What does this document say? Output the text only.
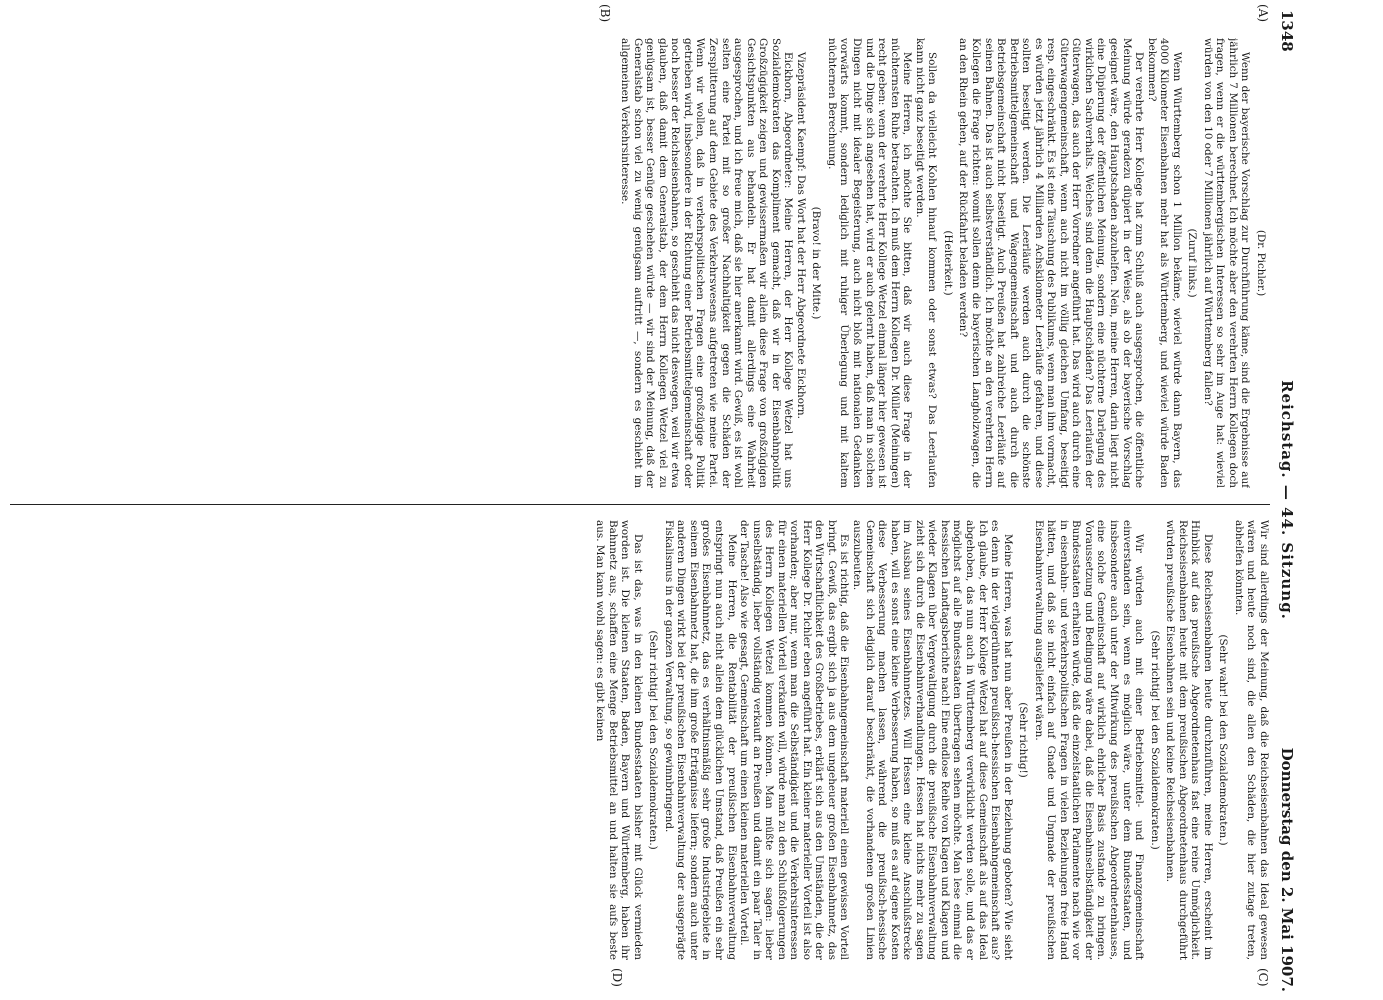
1348
Reichstag. — 44. Sitzung.
Donnerstag den 2. Mai 1907.
(A)
(B)
(C)
(D)
(Dr. Pichler.)

Wenn der bayerische Vorschlag zur Durchführung käme, sind die Ergebnisse auf jährlich 7 Millionen berechnet. Ich möchte aber den verehrten Herrn Kollegen doch fragen, wenn er die württembergischen Interessen so sehr im Auge hat: wieviel würden von den 10 oder 7 Millionen jährlich auf Württemberg fallen?

(Zuruf links.)

Wenn Württemberg schon 1 Million bekäme, wieviel würde dann Bayern, das 4000 Kilometer Eisenbahnen mehr hat als Württemberg, und wieviel würde Baden bekommen?

Der verehrte Herr Kollege hat zum Schluß auch ausgesprochen, die öffentliche Meinung würde geradezu düpiert in der Weise, als ob der bayerische Vorschlag geeignet wäre, den Hauptschaden abzuhelfen. Nein, meine Herren, darin liegt nicht eine Düpierung der öffentlichen Meinung, sondern eine nüchterne Darlegung des wirklichen Sachverhalts. Welches sind denn die Hauptschäden? Das Leerlaufen der Güterwagen, das auch der Herr Vorredner angeführt hat. Das wird auch durch eine Güterwagengemeinschaft, wenn auch nicht im völlig gleichen Umfang, beseitigt resp. eingeschränkt. Es ist eine Täuschung des Publikums, wenn man ihm vormacht, es würden jetzt jährlich 4 Milliarden Achskilometer Leerläufe gefahren, und diese sollten beseitigt werden. Die Leerläufe werden auch durch die schönste Betriebsmittelgemeinschaft und Wagengemeinschaft und auch durch die Betriebsgemeinschaft nicht beseitigt. Auch Preußen hat zahlreiche Leerläufe auf seinen Bahnen. Das ist auch selbstverständlich. Ich möchte an den verehrten Herrn Kollegen die Frage richten: womit sollen denn die bayerischen Langholzwagen, die an den Rhein gehen, auf der Rückfahrt beladen werden?

(Heiterkeit.)

Sollen da vielleicht Kohlen hinauf kommen oder sonst etwas? Das Leerlaufen kann nicht ganz beseitigt werden.

Meine Herren, ich möchte Sie bitten, daß wir auch diese Frage in der nüchternsten Ruhe betrachten. Ich muß dem Herrn Kollegen Dr. Müller (Meiningen) recht geben: wenn der verehrte Herr Kollege Wetzel einmal länger hier gewesen ist und die Dinge sich angesehen hat, wird er auch gelernt haben, daß man in solchen Dingen nicht mit idealer Begeisterung, auch nicht bloß mit nationalen Gedanken vorwärts kommt, sondern lediglich mit ruhiger Überlegung und mit kaltem nüchternen Berechnung.

(Bravo! in der Mitte.)

Vizepräsident Kaempf: Das Wort hat der Herr Abgeordnete Eickhorn.

Eickhorn, Abgeordneter: Meine Herren, der Herr Kollege Wetzel hat uns Sozialdemokraten das Kompliment gemacht, daß wir in der Eisenbahnpolitik Großzügigkeit zeigen und gewissermaßen wir allein diese Frage von großzügigen Gesichtspunkten aus behandeln. Er hat damit allerdings eine Wahrheit ausgesprochen, und ich freue mich, daß sie hier anerkannt wird. Gewiß, es ist wohl selten eine Partei mit so großer Nachhaltigkeit gegen die Schäden der Zersplitterung auf dem Gebiete des Verkehrswesens aufgetreten wie meine Partei. Wenn wir wollen, daß in verkehrspolitischen Fragen eine großzügige Politik getrieben wird, insbesondere in der Richtung einer Betriebsmittelgemeinschaft oder noch besser der Reichseisenbahnen, so geschieht das nicht deswegen, weil wir etwa glauben, daß damit dem Generalstab, der dem Herrn Kollegen Wetzel viel zu genügsam ist, besser Genüge geschehen würde — wir sind der Meinung, daß der Generalstab schon viel zu wenig genügsam auftritt —, sondern es geschieht im allgemeinen Verkehrsinteresse.

Wir sind allerdings der Meinung, daß die Reichseisenbahnen das Ideal gewesen wären und heute noch sind, die allen den Schäden, die hier zutage treten, abhelfen könnten.

(Sehr wahr! bei den Sozialdemokraten.)

Diese Reichseisenbahnen heute durchzuführen, meine Herren, erscheint im Hinblick auf das preußische Abgeordnetenhaus fast eine reine Unmöglichkeit. Reichseisenbahnen heute mit dem preußischen Abgeordnetenhaus durchgeführt würden preußische Eisenbahnen sein und keine Reichseisenbahnen.

(Sehr richtig! bei den Sozialdemokraten.)

Wir würden auch mit einer Betriebsmittel- und Finanzgemeinschaft einverstanden sein, wenn es möglich wäre, unter dem Bundesstaaten, und insbesondere auch unter der Mitwirkung des preußischen Abgeordnetenhauses, eine solche Gemeinschaft auf wirklich ehrlicher Basis zustande zu bringen. Voraussetzung und Bedingung wäre dabei, daß die Eisenbahnselbständigkeit der Bundesstaaten erhalten würde, daß die einzelstaatlichen Parlamente nach wie vor in eisenbahn- und verkehrspolitischen Fragen in vielen Beziehungen freie Hand hätten, und daß sie nicht einfach auf Gnade und Ungnade der preußischen Eisenbahnverwaltung ausgeliefert wären.

(Sehr richtig!)

Meine Herren, was hat nun aber Preußen in der Beziehung geboten? Wie sieht es denn in der vielgerühmten preußisch-hessischen Eisenbahngemeinschaft aus? Ich glaube, der Herr Kollege Wetzel hat auf diese Gemeinschaft als auf das Ideal abgehoben, das nun auch in Württemberg verwirklicht werden solle, und das er möglichst auf alle Bundesstaaten übertragen sehen möchte. Man lese einmal die hessischen Landtagsberichte nach! Eine endlose Reihe von Klagen und Klagen und wieder Klagen über Vergewaltigung durch die preußische Eisenbahnverwaltung zieht sich durch die Eisenbahnverhandlungen. Hessen hat nichts mehr zu sagen im Ausbau seines Eisenbahnnetzes. Will Hessen eine kleine Anschlußstrecke haben, will es sonst eine kleine Verbesserung haben, so muß es auf eigene Kosten diese Verbesserung machen lassen, während die preußisch-hessische Gemeinschaft sich lediglich darauf beschränkt, die vorhandenen großen Linien auszubeuten.

Es ist richtig, daß die Eisenbahngemeinschaft materiell einen gewissen Vorteil bringt. Gewiß, das ergibt sich ja aus dem ungeheuer großen Eisenbahnnetz, das den Wirtschaftlichkeit des Großbetriebes, erklärt sich aus den Umständen, die der Herr Kollege Dr. Pichler eben angeführt hat. Ein kleiner materieller Vorteil ist also vorhanden; aber nur, wenn man die Selbständigkeit und die Verkehrsinteressen für einen materiellen Vorteil verkaufen will, würde man zu den Schlußfolgerungen des Herrn Kollegen Wetzel kommen können. Man müßte sich sagen: lieber unselbständig, lieber vollständig verkauft an Preußen und damit ein paar Taler in der Tasche! Also wie gesagt, Gemeinschaft um einen kleinen materiellen Vorteil.

Meine Herren, die Rentabilität der preußischen Eisenbahnverwaltung entspringt nun auch nicht allein dem glücklichen Umstand, daß Preußen ein sehr großes Eisenbahnnetz, das es verhältnismäßig sehr große Industriegebiete in seinem Eisenbahnnetz hat, die ihm große Erträgnisse liefern; sondern auch unter anderen Dingen wirkt bei der preußischen Eisenbahnverwaltung der ausgeprägte Fiskalismus in der ganzen Verwaltung, so gewinnbringend.

(Sehr richtig! bei den Sozialdemokraten.)

Das ist das, was in den kleinen Bundesstaaten bisher mit Glück vermieden worden ist. Die kleinen Staaten, Baden, Bayern und Württemberg, haben ihr Bahnnetz aus, schaffen eine Menge Betriebsmittel an und halten sie aufs beste aus. Man kann wohl sagen: es gibt keinen
